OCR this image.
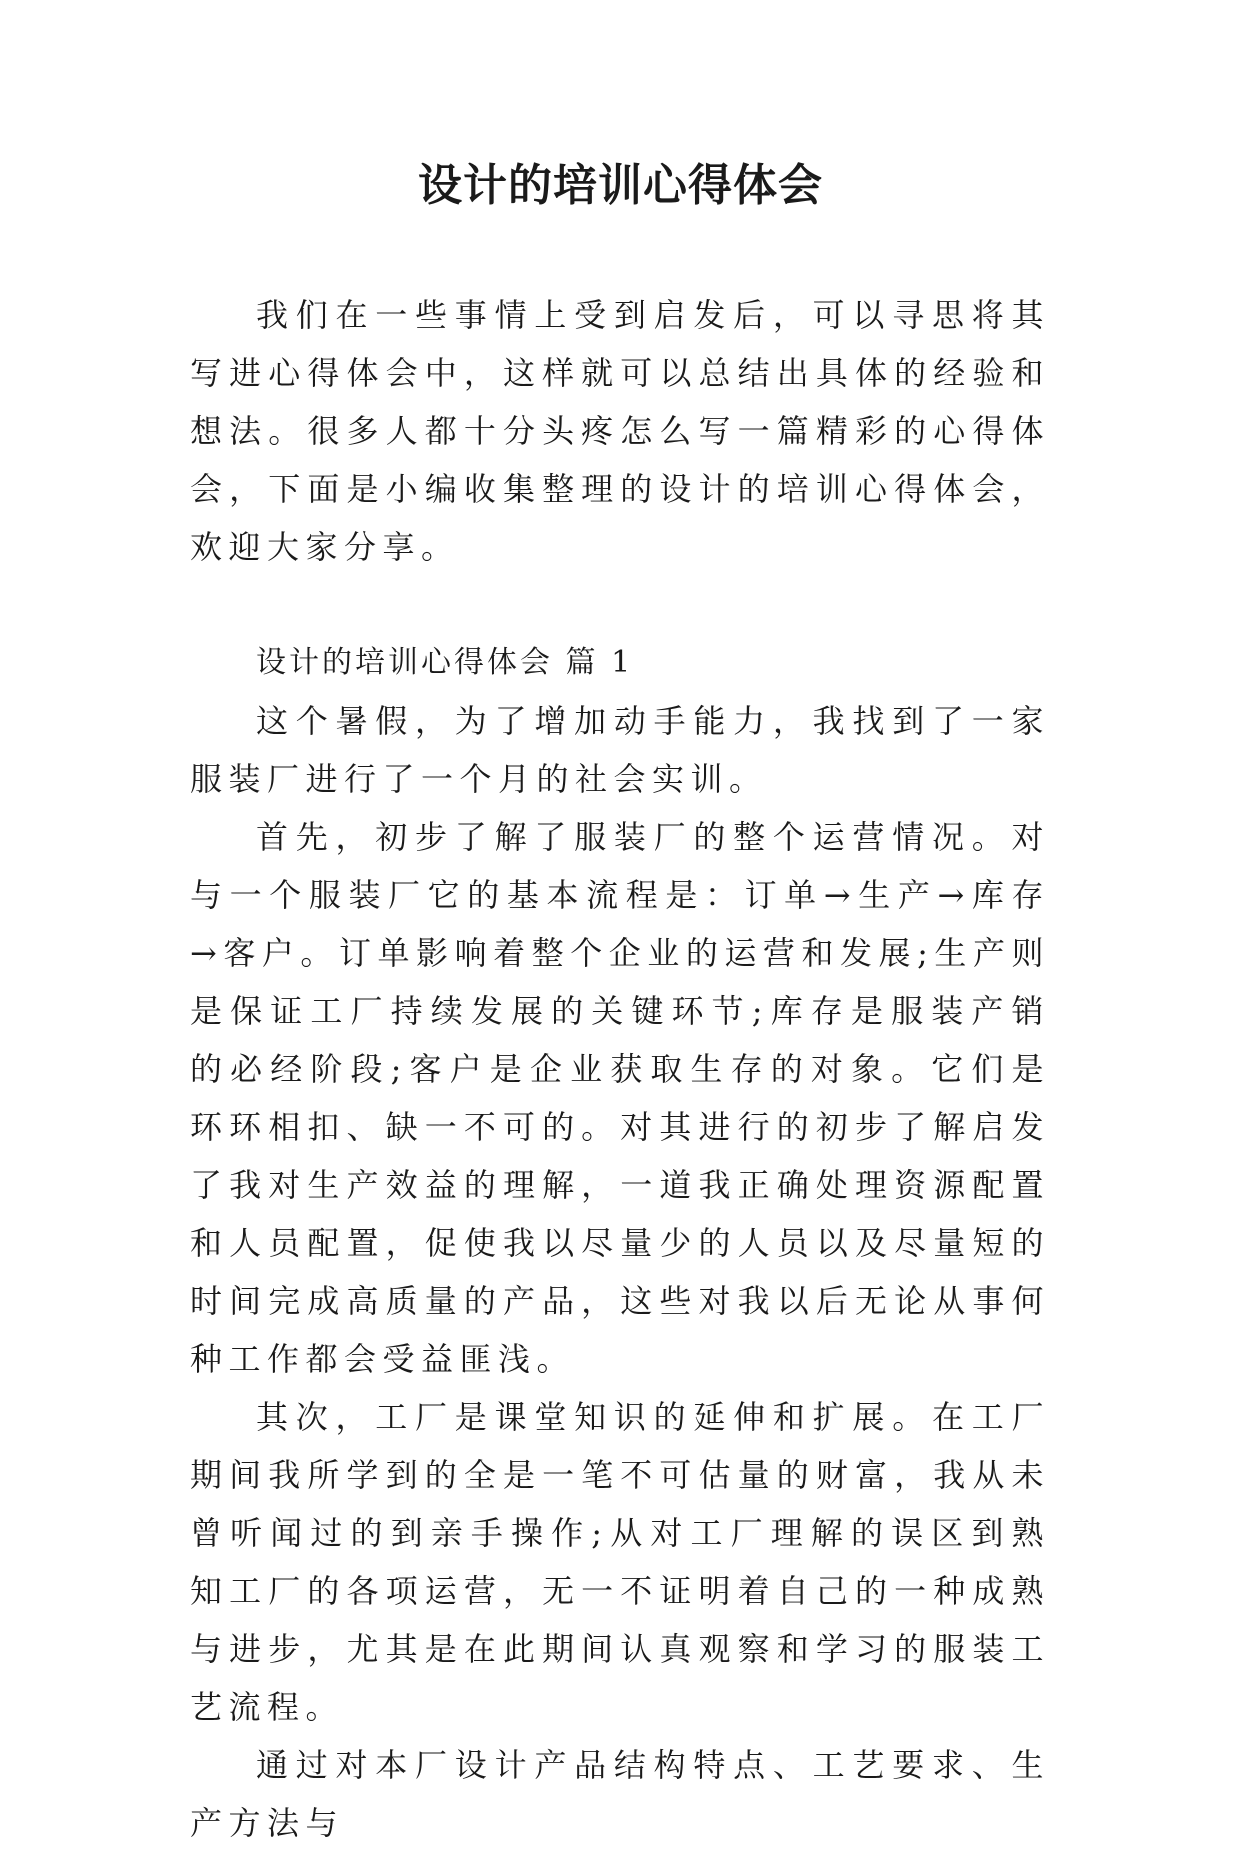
设计的培训心得体会

我们在一些事情上受到启发后，可以寻思将其写进心得体会中，这样就可以总结出具体的经验和想法。很多人都十分头疼怎么写一篇精彩的心得体会，下面是小编收集整理的设计的培训心得体会，欢迎大家分享。

设计的培训心得体会 篇 1

这个暑假，为了增加动手能力，我找到了一家服装厂进行了一个月的社会实训。

首先，初步了解了服装厂的整个运营情况。对与一个服装厂它的基本流程是：订单→生产→库存→客户。订单影响着整个企业的运营和发展;生产则是保证工厂持续发展的关键环节;库存是服装产销的必经阶段;客户是企业获取生存的对象。它们是环环相扣、缺一不可的。对其进行的初步了解启发了我对生产效益的理解，一道我正确处理资源配置和人员配置，促使我以尽量少的人员以及尽量短的时间完成高质量的产品，这些对我以后无论从事何种工作都会受益匪浅。

其次，工厂是课堂知识的延伸和扩展。在工厂期间我所学到的全是一笔不可估量的财富，我从未曾听闻过的到亲手操作;从对工厂理解的误区到熟知工厂的各项运营，无一不证明着自己的一种成熟与进步，尤其是在此期间认真观察和学习的服装工艺流程。

通过对本厂设计产品结构特点、工艺要求、生产方法与
